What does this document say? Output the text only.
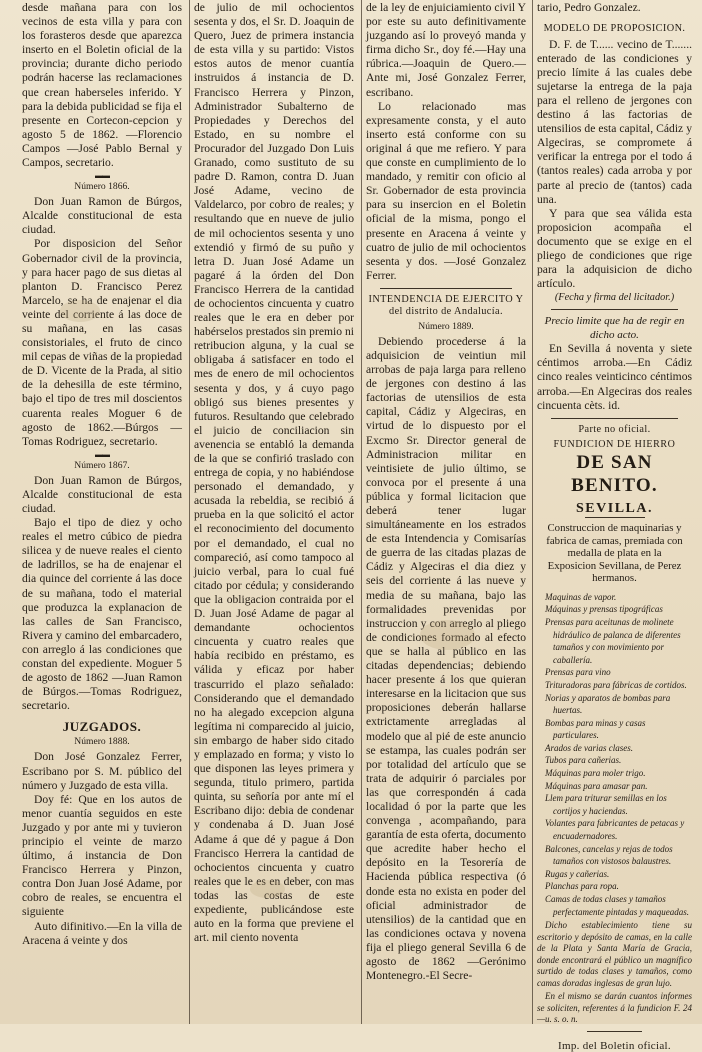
desde mañana para con los vecinos de esta villa y para con los forasteros desde que aparezca inserto en el Boletin oficial de la provincia; durante dicho periodo podrán hacerse las reclamaciones que crean haberseles inferido. Y para la debida publicidad se fija el presente en Cortecon-cepcion y agosto 5 de 1862. —Florencio Campos —José Pablo Bernal y Campos, secretario.

▬▬
Número 1866.

Don Juan Ramon de Búrgos, Alcalde constitucional de esta ciudad.

Por disposicion del Señor Gobernador civil de la provincia, y para hacer pago de sus dietas al planton D. Francisco Perez Marcelo, se ha de enajenar el dia veinte del corriente á las doce de su mañana, en las casas consistoriales, el fruto de cinco mil cepas de viñas de la propiedad de D. Vicente de la Prada, al sitio de la dehesilla de este término, bajo el tipo de tres mil doscientos cuarenta reales Moguer 6 de agosto de 1862.—Búrgos —Tomas Rodriguez, secretario.

▬▬
Número 1867.

Don Juan Ramon de Búrgos, Alcalde constitucional de esta ciudad.

Bajo el tipo de diez y ocho reales el metro cúbico de piedra silicea y de nueve reales el ciento de ladrillos, se ha de enajenar el dia quince del corriente á las doce de su mañana, todo el material que produzca la explanacion de las calles de San Francisco, Rivera y camino del embarcadero, con arreglo á las condiciones que constan del expediente. Moguer 5 de agosto de 1862 —Juan Ramon de Búrgos.—Tomas Rodriguez, secretario.

JUZGADOS.
Número 1888.

Don José Gonzalez Ferrer, Escribano por S. M. público del número y Juzgado de esta villa.

Doy fé: Que en los autos de menor cuantía seguidos en este Juzgado y por ante mi y tuvieron principio el veinte de marzo último, á instancia de Don Francisco Herrera y Pinzon, contra Don Juan José Adame, por cobro de reales, se encuentra el siguiente

Auto difinitivo.—En la villa de Aracena á veinte y dos

de julio de mil ochocientos sesenta y dos, el Sr. D. Joaquin de Quero, Juez de primera instancia de esta villa y su partido: Vistos estos autos de menor cuantía instruidos á instancia de D. Francisco Herrera y Pinzon, Administrador Subalterno de Propiedades y Derechos del Estado, en su nombre el Procurador del Juzgado Don Luis Granado, como sustituto de su padre D. Ramon, contra D. Juan José Adame, vecino de Valdelarco, por cobro de reales; y resultando que en nueve de julio de mil ochocientos sesenta y uno extendió y firmó de su puño y letra D. Juan José Adame un pagaré á la órden del Don Francisco Herrera de la cantidad de ochocientos cincuenta y cuatro reales que le era en deber por habérselos prestados sin premio ni retribucion alguna, y la cual se obligaba á satisfacer en todo el mes de enero de mil ochocientos sesenta y dos, y á cuyo pago obligó sus bienes presentes y futuros. Resultando que celebrado el juicio de conciliacion sin avenencia se entabló la demanda de la que se confirió traslado con entrega de copia, y no habiéndose personado el demandado, y acusada la rebeldia, se recibió á prueba en la que solicitó el actor el reconocimiento del documento por el demandado, el cual no compareció, así como tampoco al juicio verbal, para lo cual fué citado por cédula; y considerando que la obligacion contraida por el D. Juan José Adame de pagar al demandante ochocientos cincuenta y cuatro reales que había recibido en préstamo, es válida y eficaz por haber trascurrido el plazo señalado: Considerando que el demandado no ha alegado excepcion alguna legítima ni comparecido al juicio, sin embargo de haber sido citado y emplazado en forma; y visto lo que disponen las leyes primera y segunda, titulo primero, partida quinta, su señoría por ante mí el Escribano dijo: debia de condenar y condenaba á D. Juan José Adame á que dé y pague á Don Francisco Herrera la cantidad de ochocientos cincuenta y cuatro reales que le es en deber, con mas todas las costas de este expediente, publicándose este auto en la forma que previene el art. mil ciento noventa

de la ley de enjuiciamiento civil Y por este su auto definitivamente juzgando así lo proveyó manda y firma dicho Sr., doy fé.—Hay una rúbrica.—Joaquin de Quero.—Ante mi, José Gonzalez Ferrer, escribano.

Lo relacionado mas expresamente consta, y el auto inserto está conforme con su original á que me refiero. Y para que conste en cumplimiento de lo mandado, y remitir con oficio al Sr. Gobernador de esta provincia para su insercion en el Boletin oficial de la misma, pongo el presente en Aracena á veinte y cuatro de julio de mil ochocientos sesenta y dos. —José Gonzalez Ferrer.

INTENDENCIA DE EJERCITO Y del distrito de Andalucía.
Número 1889.

Debiendo procederse á la adquisicion de veintiun mil arrobas de paja larga para relleno de jergones con destino á las factorias de utensilios de esta capital, Cádiz y Algeciras, en virtud de lo dispuesto por el Excmo Sr. Director general de Administracion militar en veintisiete de julio último, se convoca por el presente á una pública y formal licitacion que deberá tener lugar simultáneamente en los estrados de esta Intendencia y Comisarías de guerra de las citadas plazas de Cádiz y Algeciras el dia diez y seis del corriente á las nueve y media de su mañana, bajo las formalidades prevenidas por instruccion y con arreglo al pliego de condiciones formado al efecto que se halla al público en las citadas dependencias; debiendo hacer presente á los que quieran interesarse en la licitacion que sus proposiciones deberán hallarse extrictamente arregladas al modelo que al pié de este anuncio se estampa, las cuales podrán ser por totalidad del artículo que se trata de adquirir ó parciales por las que correspondén á cada localidad ó por la parte que les convenga , acompañando, para garantía de esta oferta, documento que acredite haber hecho el depósito en la Tesorería de Hacienda pública respectiva (ó donde esta no exista en poder del oficial administrador de utensilios) de la cantidad que en las condiciones octava y novena fija el pliego general Sevilla 6 de agosto de 1862 —Gerónimo Montenegro.-El Secre-

tario, Pedro Gonzalez.

MODELO DE PROPOSICION.

D. F. de T...... vecino de T....... enterado de las condiciones y precio límite á las cuales debe sujetarse la entrega de la paja para el relleno de jergones con destino á las factorias de utensilios de esta capital, Cádiz y Algeciras, se compromete á verificar la entrega por el todo á (tantos reales) cada arroba y por parte al precio de (tantos) cada una.

Y para que sea válida esta proposicion acompaña el documento que se exige en el pliego de condiciones que rige para la adquisicion de dicho artículo.

(Fecha y firma del licitador.)
Precio limite que ha de regir en dicho acto.

En Sevilla á noventa y siete céntimos arroba.—En Cádiz cinco reales veinticinco céntimos arroba.—En Algeciras dos reales cincuenta cèts. id.

Parte no oficial.
FUNDICION DE HIERRO
DE SAN BENITO.
SEVILLA.
Construccion de maquinarias y fabrica de camas, premiada con medalla de plata en la Exposicion Sevillana, de Perez hermanos.
Maquinas de vapor.
Máquinas y prensas tipográficas
Prensas para aceitunas de molinete hidráulico de palanca de diferentes tamaños y con movimiento por caballería.
Prensas para vino
Trituradoras para fábricas de cortidos.
Norias y aparatos de bombas para huertas.
Bombas para minas y casas particulares.
Arados de varias clases.
Tubos para cañerias.
Máquinas para moler trigo.
Máquinas para amasar pan.
Llem para triturar semillas en los cortijos y haciendas.
Volantes para fabricantes de petacas y encuadernadores.
Balcones, cancelas y rejas de todos tamaños con vistosos balaustres.
Rugas y cañerias.
Planchas para ropa.
Camas de todas clases y tamaños perfectamente pintadas y maqueadas.
Dicho establecimiento tiene su escritorio y depósito de camas, en la calle de la Plata y Santa María de Gracia, donde encontrará el público un magnífico surtido de todas clases y tamaños, como camas doradas inglesas de gran lujo.
En el mismo se darán cuantos informes se soliciten, referentes á la fundicion F. 24—u. s. o. n.
Imp. del Boletin oficial.
